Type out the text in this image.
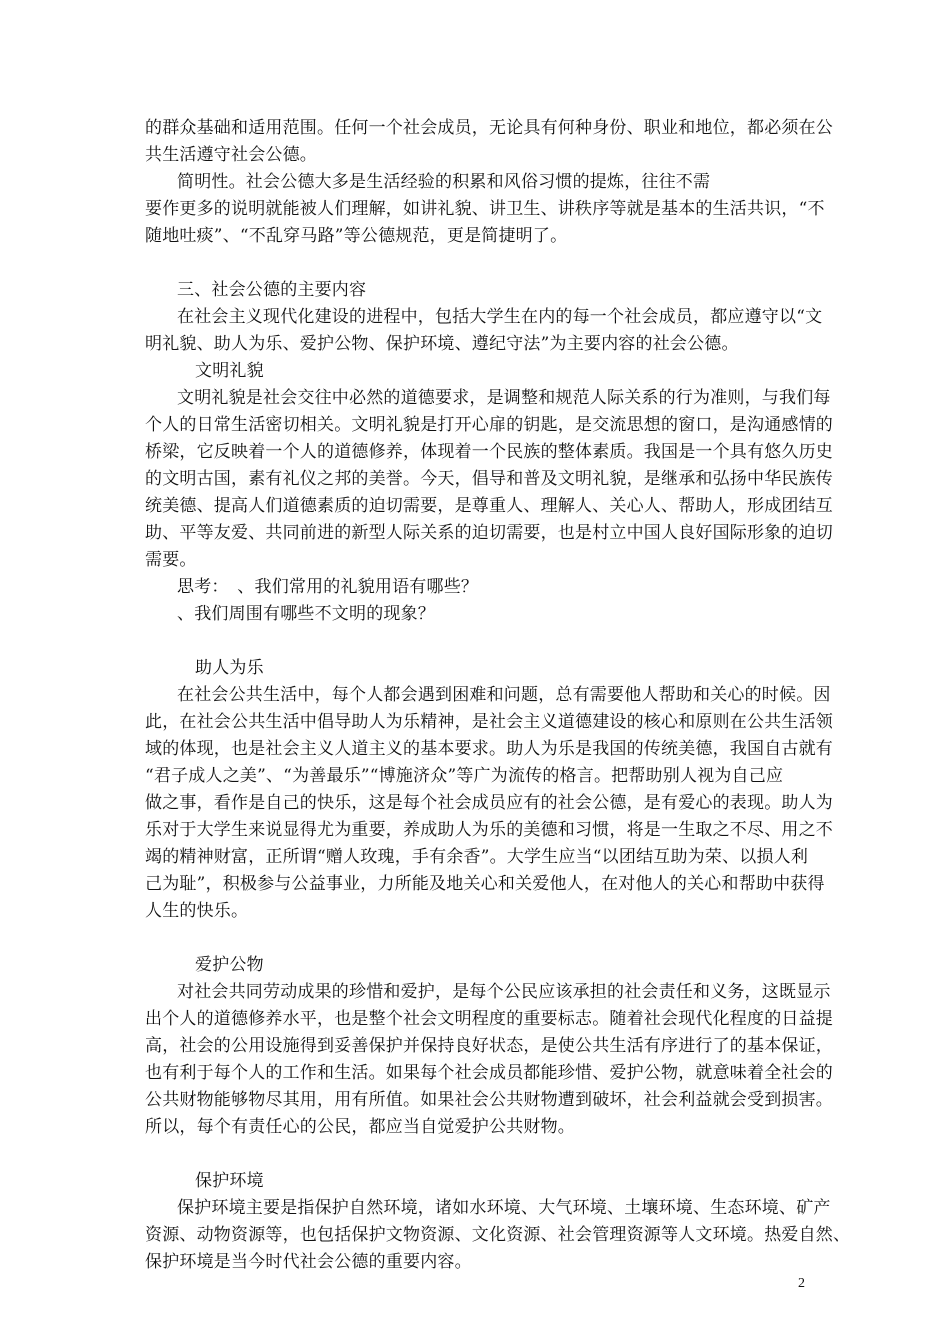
的群众基础和适用范围。任何一个社会成员，无论具有何种身份、职业和地位，都必须在公
共生活遵守社会公德。
简明性。社会公德大多是生活经验的积累和风俗习惯的提炼，往往不需
要作更多的说明就能被人们理解，如讲礼貌、讲卫生、讲秩序等就是基本的生活共识，“不
随地吐痰”、“不乱穿马路”等公德规范，更是简捷明了。
三、社会公德的主要内容
在社会主义现代化建设的进程中，包括大学生在内的每一个社会成员，都应遵守以“文
明礼貌、助人为乐、爱护公物、保护环境、遵纪守法”为主要内容的社会公德。
文明礼貌
文明礼貌是社会交往中必然的道德要求，是调整和规范人际关系的行为准则，与我们每
个人的日常生活密切相关。文明礼貌是打开心扉的钥匙，是交流思想的窗口，是沟通感情的
桥梁，它反映着一个人的道德修养，体现着一个民族的整体素质。我国是一个具有悠久历史
的文明古国，素有礼仪之邦的美誉。今天，倡导和普及文明礼貌，是继承和弘扬中华民族传
统美德、提高人们道德素质的迫切需要，是尊重人、理解人、关心人、帮助人，形成团结互
助、平等友爱、共同前进的新型人际关系的迫切需要，也是村立中国人良好国际形象的迫切
需要。
思考：　、我们常用的礼貌用语有哪些？
、我们周围有哪些不文明的现象？
助人为乐
在社会公共生活中，每个人都会遇到困难和问题，总有需要他人帮助和关心的时候。因
此，在社会公共生活中倡导助人为乐精神，是社会主义道德建设的核心和原则在公共生活领
域的体现，也是社会主义人道主义的基本要求。助人为乐是我国的传统美德，我国自古就有
“君子成人之美”、“为善最乐”“博施济众”等广为流传的格言。把帮助别人视为自己应
做之事，看作是自己的快乐，这是每个社会成员应有的社会公德，是有爱心的表现。助人为
乐对于大学生来说显得尤为重要，养成助人为乐的美德和习惯，将是一生取之不尽、用之不
竭的精神财富，正所谓“赠人玫瑰，手有余香”。大学生应当“以团结互助为荣、以损人利
己为耻”，积极参与公益事业，力所能及地关心和关爱他人，在对他人的关心和帮助中获得
人生的快乐。
爱护公物
对社会共同劳动成果的珍惜和爱护，是每个公民应该承担的社会责任和义务，这既显示
出个人的道德修养水平，也是整个社会文明程度的重要标志。随着社会现代化程度的日益提
高，社会的公用设施得到妥善保护并保持良好状态，是使公共生活有序进行了的基本保证，
也有利于每个人的工作和生活。如果每个社会成员都能珍惜、爱护公物，就意味着全社会的
公共财物能够物尽其用，用有所值。如果社会公共财物遭到破坏，社会利益就会受到损害。
所以，每个有责任心的公民，都应当自觉爱护公共财物。
保护环境
保护环境主要是指保护自然环境，诸如水环境、大气环境、土壤环境、生态环境、矿产
资源、动物资源等，也包括保护文物资源、文化资源、社会管理资源等人文环境。热爱自然、
保护环境是当今时代社会公德的重要内容。
2
